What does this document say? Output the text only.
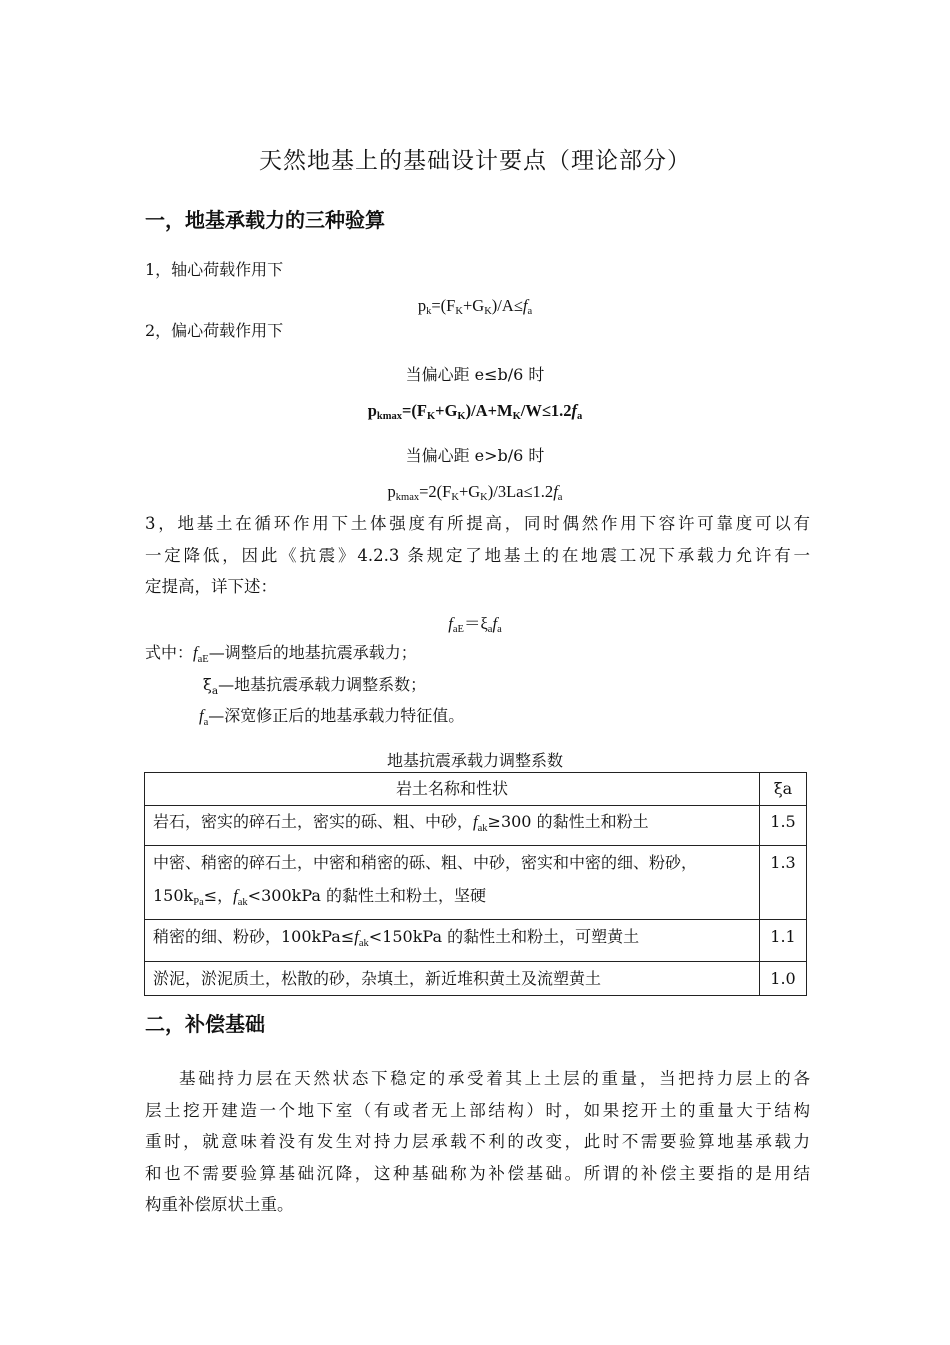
天然地基上的基础设计要点（理论部分）
一，地基承载力的三种验算
1，轴心荷载作用下
$p_k=(F_K+G_K)/A\le f_a$
2，偏心荷载作用下
当偏心距 e≤b/6 时
$p_{kmax}=(F_K+G_K)/A+M_K/W\le 1.2f_a$
当偏心距 e>b/6 时
$p_{kmax}=2(F_K+G_K)/3La\le 1.2f_a$
3，地基土在循环作用下土体强度有所提高，同时偶然作用下容许可靠度可以有
一定降低，因此《抗震》4.2.3 条规定了地基土的在地震工况下承载力允许有一
定提高，详下述：
$f_{aE}=\xi_af_a$
式中：$f_{aE}—$调整后的地基抗震承载力；
$\xi_a—$地基抗震承载力调整系数；
$f_a—$深宽修正后的地基承载力特征值。
地基抗震承载力调整系数
岩土名称和性状	ξa
岩石，密实的碎石土，密实的砾、粗、中砂，$f_{ak}\ge 300$ 的黏性土和粉土	1.5
中密、稍密的碎石土，中密和稍密的砾、粗、中砂，密实和中密的细、粉砂，$150k_{Pa}\le$，$f_{ak}<300kPa$ 的黏性土和粉土，坚硬	1.3
稍密的细、粉砂，$100kPa\le f_{ak}<150kPa$ 的黏性土和粉土，可塑黄土	1.1
淤泥，淤泥质土，松散的砂，杂填土，新近堆积黄土及流塑黄土	1.0
二，补偿基础
基础持力层在天然状态下稳定的承受着其上土层的重量，当把持力层上的各
层土挖开建造一个地下室（有或者无上部结构）时，如果挖开土的重量大于结构
重时，就意味着没有发生对持力层承载不利的改变，此时不需要验算地基承载力
和也不需要验算基础沉降，这种基础称为补偿基础。所谓的补偿主要指的是用结
构重补偿原状土重。
